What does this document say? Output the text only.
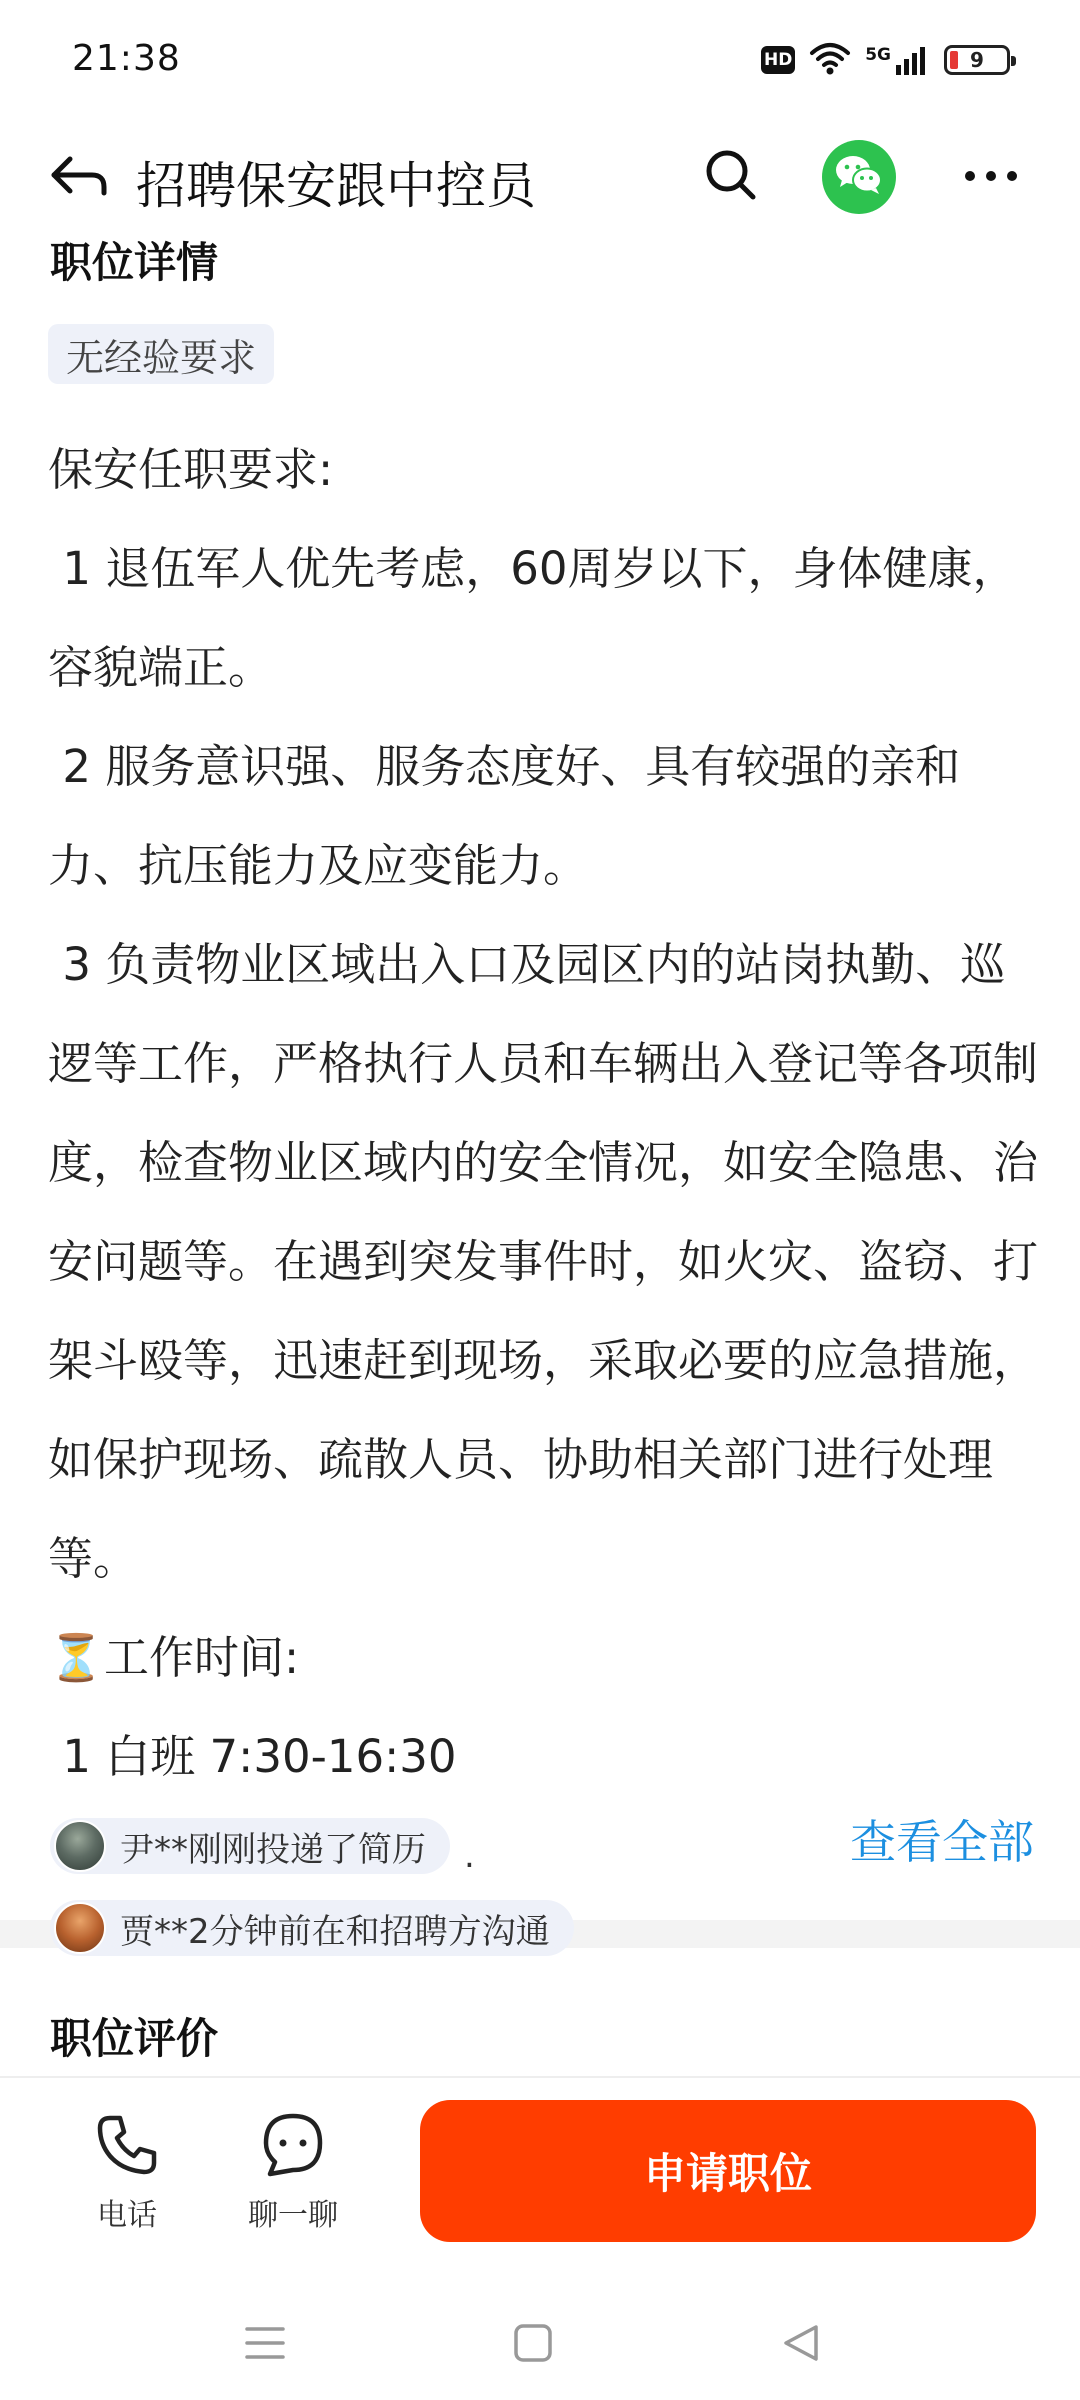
21:38	HD	5G	9
招聘保安跟中控员
职位详情
无经验要求

保安任职要求:

1 退伍军人优先考虑，60周岁以下，身体健康，容貌端正。

2 服务意识强、服务态度好、具有较强的亲和力、抗压能力及应变能力。

3 负责物业区域出入口及园区内的站岗执勤、巡逻等工作，严格执行人员和车辆出入登记等各项制度，检查物业区域内的安全情况，如安全隐患、治安问题等。在遇到突发事件时，如火灾、盗窃、打架斗殴等，迅速赶到现场，采取必要的应急措施，如保护现场、疏散人员、协助相关部门进行处理等。

⏳工作时间:

1 白班 7:30-16:30

尹**刚刚投递了简历 .	查看全部
贾**2分钟前在和招聘方沟通
职位评价
电话	聊一聊
申请职位
